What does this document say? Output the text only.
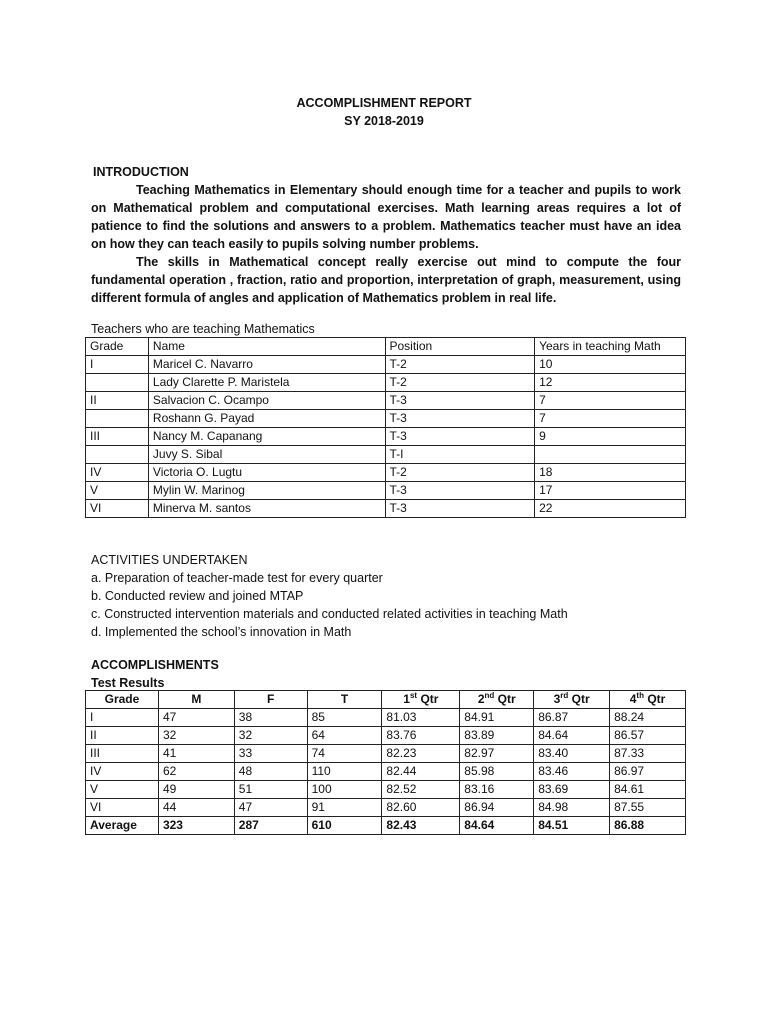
ACCOMPLISHMENT REPORT
SY 2018-2019
INTRODUCTION

Teaching Mathematics in Elementary should enough time for a teacher and pupils to work on Mathematical problem and computational exercises. Math learning areas requires a lot of patience to find the solutions and answers to a problem. Mathematics teacher must have an idea on how they can teach easily to pupils solving number problems.

The skills in Mathematical concept really exercise out mind to compute the four fundamental operation , fraction, ratio and proportion, interpretation of graph, measurement, using different formula of angles and application of Mathematics problem in real life.

Teachers who are teaching Mathematics
Grade	Name	Position	Years in teaching Math
I	Maricel C. Navarro	T-2	10
	Lady Clarette P. Maristela	T-2	12
II	Salvacion C. Ocampo	T-3	7
	Roshann G. Payad	T-3	7
III	Nancy M. Capanang	T-3	9
	Juvy S. Sibal	T-I	
IV	Victoria O. Lugtu	T-2	18
V	Mylin W. Marinog	T-3	17
VI	Minerva M. santos	T-3	22
ACTIVITIES UNDERTAKEN
a. Preparation of teacher-made test for every quarter
b. Conducted review and joined MTAP
c. Constructed intervention materials and conducted related activities in teaching Math
d. Implemented the school’s innovation in Math
ACCOMPLISHMENTS
Test Results
Grade	M	F	T	1st Qtr	2nd Qtr	3rd Qtr	4th Qtr
I	47	38	85	81.03	84.91	86.87	88.24
II	32	32	64	83.76	83.89	84.64	86.57
III	41	33	74	82.23	82.97	83.40	87.33
IV	62	48	110	82.44	85.98	83.46	86.97
V	49	51	100	82.52	83.16	83.69	84.61
VI	44	47	91	82.60	86.94	84.98	87.55
Average	323	287	610	82.43	84.64	84.51	86.88
